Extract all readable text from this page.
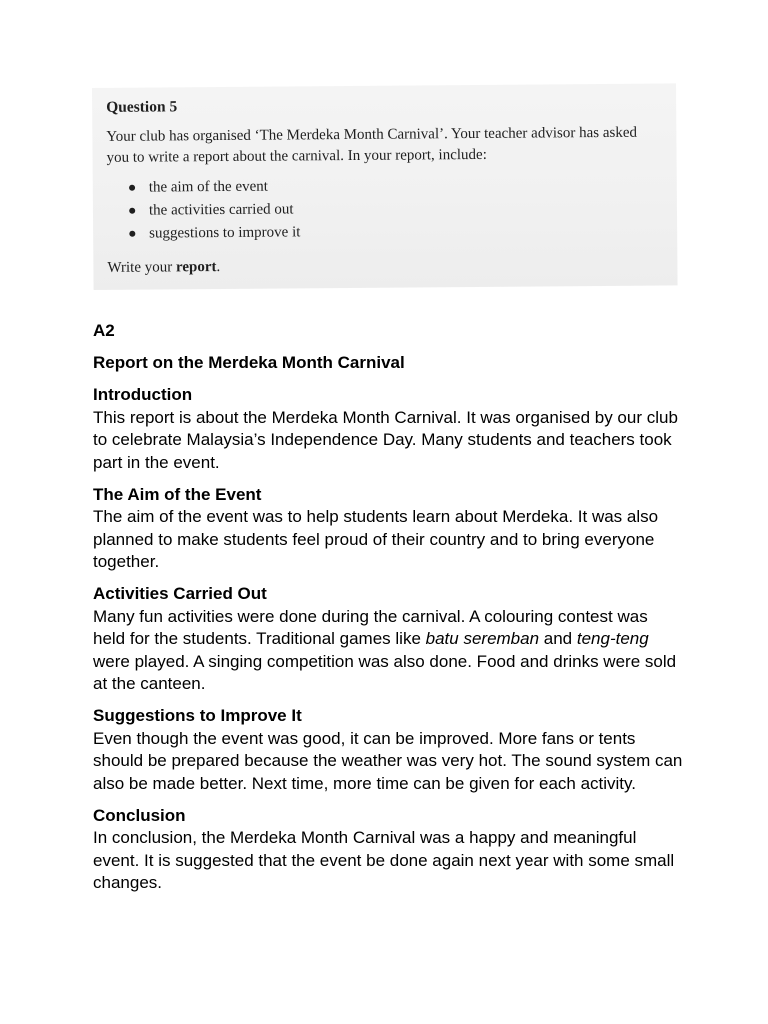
Question 5
Your club has organised ‘The Merdeka Month Carnival’. Your teacher advisor has asked you to write a report about the carnival. In your report, include:
● the aim of the event
● the activities carried out
● suggestions to improve it
Write your report.
A2
Report on the Merdeka Month Carnival
Introduction

This report is about the Merdeka Month Carnival. It was organised by our club to celebrate Malaysia’s Independence Day. Many students and teachers took part in the event.

The Aim of the Event

The aim of the event was to help students learn about Merdeka. It was also planned to make students feel proud of their country and to bring everyone together.

Activities Carried Out

Many fun activities were done during the carnival. A colouring contest was held for the students. Traditional games like batu seremban and teng-teng were played. A singing competition was also done. Food and drinks were sold at the canteen.

Suggestions to Improve It

Even though the event was good, it can be improved. More fans or tents should be prepared because the weather was very hot. The sound system can also be made better. Next time, more time can be given for each activity.

Conclusion

In conclusion, the Merdeka Month Carnival was a happy and meaningful event. It is suggested that the event be done again next year with some small changes.
